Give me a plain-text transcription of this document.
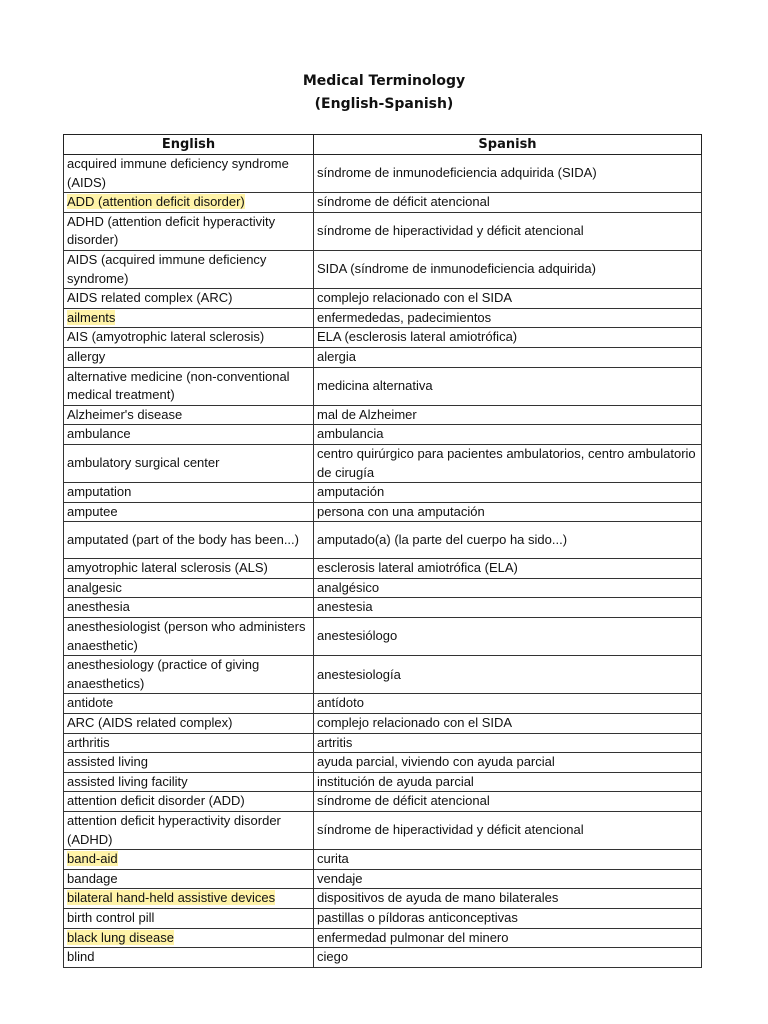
Medical Terminology
(English-Spanish)
English	Spanish
acquired immune deficiency syndrome (AIDS)	síndrome de inmunodeficiencia adquirida (SIDA)
ADD (attention deficit disorder)	síndrome de déficit atencional
ADHD (attention deficit hyperactivity disorder)	síndrome de hiperactividad y déficit atencional
AIDS (acquired immune deficiency syndrome)	SIDA (síndrome de inmunodeficiencia adquirida)
AIDS related complex (ARC)	complejo relacionado con el SIDA
ailments	enfermededas, padecimientos
AIS (amyotrophic lateral sclerosis)	ELA (esclerosis lateral amiotrófica)
allergy	alergia
alternative medicine (non-conventional medical treatment)	medicina alternativa
Alzheimer's disease	mal de Alzheimer
ambulance	ambulancia
ambulatory surgical center	centro quirúrgico para pacientes ambulatorios, centro ambulatorio de cirugía
amputation	amputación
amputee	persona con una amputación
amputated (part of the body has been...)	amputado(a) (la parte del cuerpo ha sido...)
amyotrophic lateral sclerosis (ALS)	esclerosis lateral amiotrófica (ELA)
analgesic	analgésico
anesthesia	anestesia
anesthesiologist (person who administers anaesthetic)	anestesiólogo
anesthesiology (practice of giving anaesthetics)	anestesiología
antidote	antídoto
ARC (AIDS related complex)	complejo relacionado con el SIDA
arthritis	artritis
assisted living	ayuda parcial, viviendo con ayuda parcial
assisted living facility	institución de ayuda parcial
attention deficit disorder (ADD)	síndrome de déficit atencional
attention deficit hyperactivity disorder (ADHD)	síndrome de hiperactividad y déficit atencional
band-aid	curita
bandage	vendaje
bilateral hand-held assistive devices	dispositivos de ayuda de mano bilaterales
birth control pill	pastillas o píldoras anticonceptivas
black lung disease	enfermedad pulmonar del minero
blind	ciego
